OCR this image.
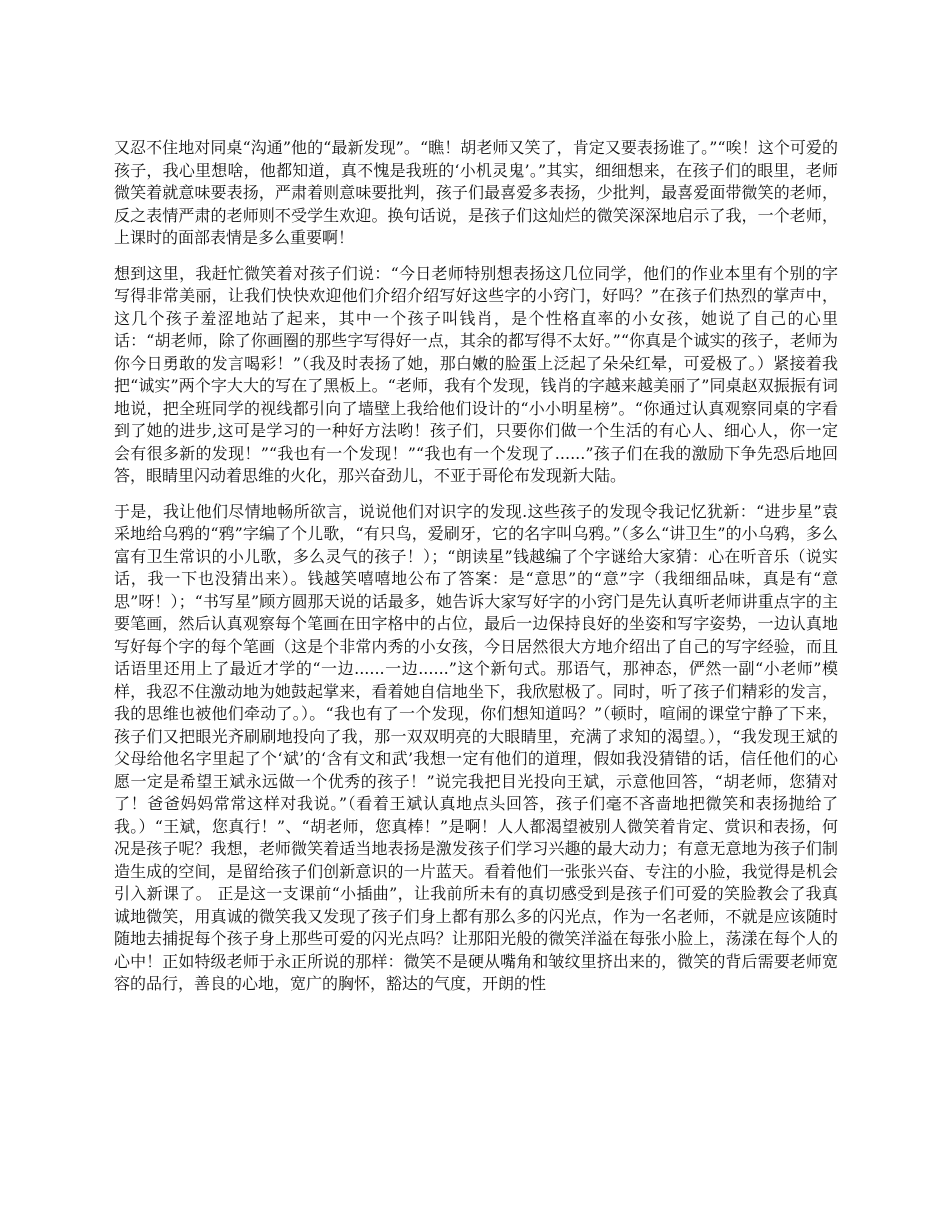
又忍不住地对同桌“沟通”他的“最新发现”。“瞧！胡老师又笑了，肯定又要表扬谁了。”“唉！这个可爱的孩子，我心里想啥，他都知道，真不愧是我班的‘小机灵鬼’。”其实，细细想来，在孩子们的眼里，老师微笑着就意味要表扬，严肃着则意味要批判，孩子们最喜爱多表扬，少批判，最喜爱面带微笑的老师，反之表情严肃的老师则不受学生欢迎。换句话说，是孩子们这灿烂的微笑深深地启示了我，一个老师，上课时的面部表情是多么重要啊！

想到这里，我赶忙微笑着对孩子们说：“今日老师特别想表扬这几位同学，他们的作业本里有个别的字写得非常美丽，让我们快快欢迎他们介绍介绍写好这些字的小窍门，好吗？”在孩子们热烈的掌声中，这几个孩子羞涩地站了起来，其中一个孩子叫钱肖，是个性格直率的小女孩，她说了自己的心里话：“胡老师，除了你画圈的那些字写得好一点，其余的都写得不太好。”“你真是个诚实的孩子，老师为你今日勇敢的发言喝彩！”（我及时表扬了她，那白嫩的脸蛋上泛起了朵朵红晕，可爱极了。）紧接着我把“诚实”两个字大大的写在了黑板上。“老师，我有个发现，钱肖的字越来越美丽了”同桌赵双振振有词地说，把全班同学的视线都引向了墙壁上我给他们设计的“小小明星榜”。“你通过认真观察同桌的字看到了她的进步,这可是学习的一种好方法哟！孩子们，只要你们做一个生活的有心人、细心人，你一定会有很多新的发现！”“我也有一个发现！”“我也有一个发现了......”孩子们在我的激励下争先恐后地回答，眼睛里闪动着思维的火化，那兴奋劲儿，不亚于哥伦布发现新大陆。

于是，我让他们尽情地畅所欲言，说说他们对识字的发现.这些孩子的发现令我记忆犹新：“进步星”袁采地给乌鸦的“鸦”字编了个儿歌，“有只鸟，爱刷牙，它的名字叫乌鸦。”（多么“讲卫生”的小乌鸦，多么富有卫生常识的小儿歌，多么灵气的孩子！）；“朗读星”钱越编了个字谜给大家猜：心在听音乐（说实话，我一下也没猜出来）。钱越笑嘻嘻地公布了答案：是“意思”的“意”字（我细细品味，真是有“意思”呀！）；“书写星”顾方圆那天说的话最多，她告诉大家写好字的小窍门是先认真听老师讲重点字的主要笔画，然后认真观察每个笔画在田字格中的占位，最后一边保持良好的坐姿和写字姿势，一边认真地写好每个字的每个笔画（这是个非常内秀的小女孩，今日居然很大方地介绍出了自己的写字经验，而且话语里还用上了最近才学的“一边......一边......”这个新句式。那语气，那神态，俨然一副“小老师”模样，我忍不住激动地为她鼓起掌来，看着她自信地坐下，我欣慰极了。同时，听了孩子们精彩的发言，我的思维也被他们牵动了。）。“我也有了一个发现，你们想知道吗？”（顿时，喧闹的课堂宁静了下来，孩子们又把眼光齐刷刷地投向了我，那一双双明亮的大眼睛里，充满了求知的渴望。），“我发现王斌的父母给他名字里起了个‘斌’的‘含有文和武’我想一定有他们的道理，假如我没猜错的话，信任他们的心愿一定是希望王斌永远做一个优秀的孩子！”说完我把目光投向王斌，示意他回答，“胡老师，您猜对了！爸爸妈妈常常这样对我说。”（看着王斌认真地点头回答，孩子们毫不吝啬地把微笑和表扬抛给了我。）“王斌，您真行！”、“胡老师，您真棒！”是啊！人人都渴望被别人微笑着肯定、赏识和表扬，何况是孩子呢？我想，老师微笑着适当地表扬是激发孩子们学习兴趣的最大动力；有意无意地为孩子们制造生成的空间，是留给孩子们创新意识的一片蓝天。看着他们一张张兴奋、专注的小脸，我觉得是机会引入新课了。 正是这一支课前“小插曲”，让我前所未有的真切感受到是孩子们可爱的笑脸教会了我真诚地微笑，用真诚的微笑我又发现了孩子们身上都有那么多的闪光点，作为一名老师，不就是应该随时随地去捕捉每个孩子身上那些可爱的闪光点吗？让那阳光般的微笑洋溢在每张小脸上，荡漾在每个人的心中！正如特级老师于永正所说的那样：微笑不是硬从嘴角和皱纹里挤出来的，微笑的背后需要老师宽容的品行，善良的心地，宽广的胸怀，豁达的气度，开朗的性
